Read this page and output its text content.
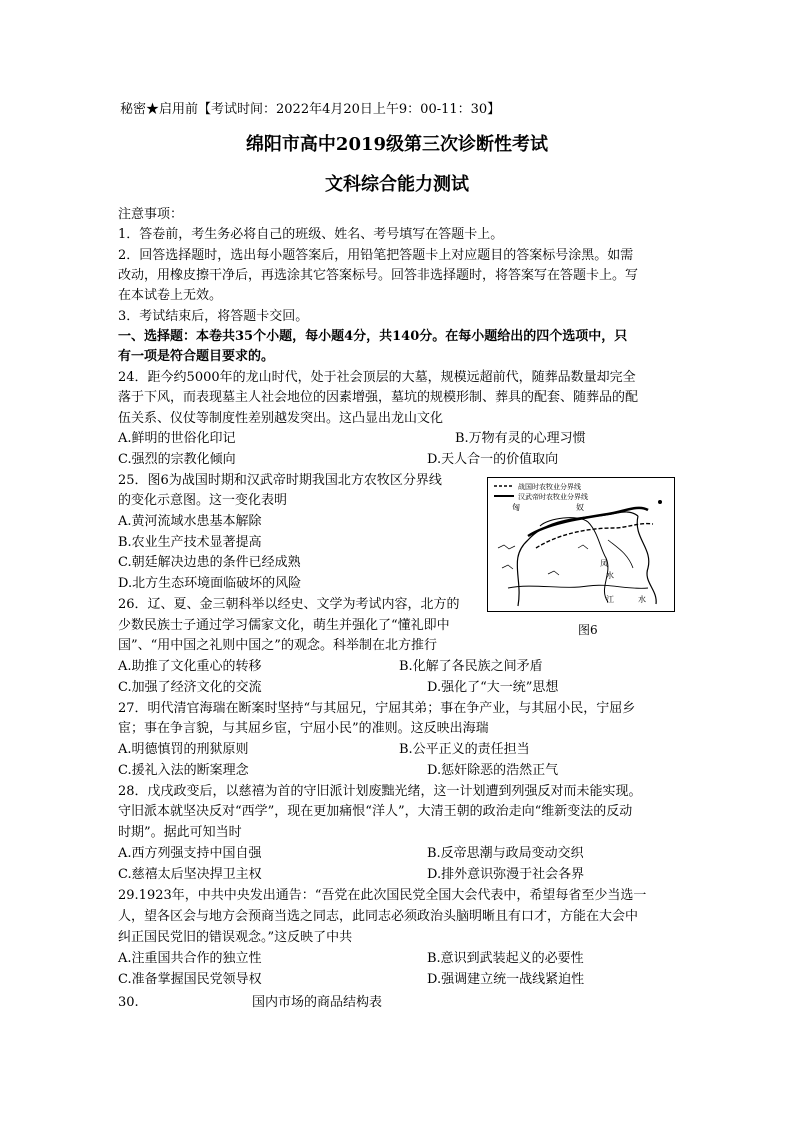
秘密★启用前【考试时间：2022年4月20日上午9：00-11：30】
绵阳市高中2019级第三次诊断性考试
文科综合能力测试
注意事项：
1．答卷前，考生务必将自己的班级、姓名、考号填写在答题卡上。
2．回答选择题时，选出每小题答案后，用铅笔把答题卡上对应题目的答案标号涂黑。如需
改动，用橡皮擦干净后，再选涂其它答案标号。回答非选择题时，将答案写在答题卡上。写
在本试卷上无效。
3．考试结束后，将答题卡交回。
一、选择题：本卷共35个小题，每小题4分，共140分。在每小题给出的四个选项中，只
有一项是符合题目要求的。
24．距今约5000年的龙山时代，处于社会顶层的大墓，规模远超前代，随葬品数量却完全
落于下风，而表现墓主人社会地位的因素增强，墓坑的规模形制、葬具的配套、随葬品的配
伍关系、仪仗等制度性差别越发突出。这凸显出龙山文化
A.鲜明的世俗化印记	B.万物有灵的心理习惯
C.强烈的宗教化倾向	D.天人合一的价值取向
25．图6为战国时期和汉武帝时期我国北方农牧区分界线
的变化示意图。这一变化表明
A.黄河流域水患基本解除
B.农业生产技术显著提高
C.朝廷解决边患的条件已经成熟
D.北方生态环境面临破坏的风险
战国时农牧业分界线
汉武帝时农牧业分界线
匈	奴
凤
水
江	水
图6
26．辽、夏、金三朝科举以经史、文学为考试内容，北方的
少数民族士子通过学习儒家文化，萌生并强化了“懂礼即中
国”、“用中国之礼则中国之”的观念。科举制在北方推行
A.助推了文化重心的转移	B.化解了各民族之间矛盾
C.加强了经济文化的交流	D.强化了“大一统”思想
27．明代清官海瑞在断案时坚持“与其屈兄，宁屈其弟；事在争产业，与其屈小民，宁屈乡
宦；事在争言貌，与其屈乡宦，宁屈小民”的准则。这反映出海瑞
A.明德慎罚的刑狱原则	B.公平正义的责任担当
C.援礼入法的断案理念	D.惩奸除恶的浩然正气
28．戊戌政变后，以慈禧为首的守旧派计划废黜光绪，这一计划遭到列强反对而未能实现。
守旧派本就坚决反对“西学”，现在更加痛恨“洋人”，大清王朝的政治走向“维新变法的反动
时期”。据此可知当时
A.西方列强支持中国自强	B.反帝思潮与政局变动交织
C.慈禧太后坚决捍卫主权	D.排外意识弥漫于社会各界
29.1923年，中共中央发出通告：“吾党在此次国民党全国大会代表中，希望每省至少当选一
人，望各区会与地方会预商当选之同志，此同志必须政治头脑明晰且有口才，方能在大会中
纠正国民党旧的错误观念。”这反映了中共
A.注重国共合作的独立性	B.意识到武装起义的必要性
C.准备掌握国民党领导权	D.强调建立统一战线紧迫性
30.	国内市场的商品结构表
